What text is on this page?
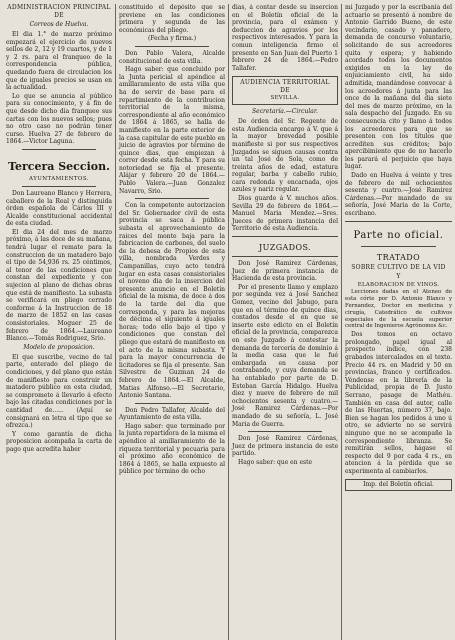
ADMINISTRACION PRINCIPAL DE

Correos de Huelva.

El dia 1.° de marzo próximo empezará el ejercicio de nuevos sellos de 2, 12 y 19 cuartos, y de 1 y 2 rs. para el franqueo de la correspondencia pública, quedando fuera de circulacion los que de iguales precios se usan en la actualidad.

Lo que se anuncia al público para su conocimiento, y á fin de que desde dicho dia franquee sus cartas con los nuevos sellos; pues no otro caso no podrán tener curso. Huelva 27 de febrero de 1864.—Victor Laguna.

Tercera Seccion.

AYUNTAMIENTOS.

Don Laureano Blanco y Herrera, caballero de la Real y distinguida órden española de Cárlos III y Alcalde constitucional accidental de esta ciudad.

El dia 24 del mes de marzo próximo, á las doce de su mañana, tendrá lugar el remate para la construccion de un matadero bajo el tipo de 54,936 rs. 25 céntimos, al tenor de las condiciones que constan del expediente y con sujecion al plano de dichas obras que está de manifiesto. La subasta se verificará en pliego cerrado conforme á la Instruccion de 18 de marzo de 1852 en las casas consistoriales. Moguer 25 de febrero de 1864.—Laureano Blanco.—Tomás Rodriguez, Srio.

Modelo de proposicion.

El que suscribe, vecino de tal parte, enterado del pliego de condiciones, y del plano que están de manifiesto para construir un matadero público en esta ciudad, se compromete á llevarlo á efecto bajo las citadas condiciones por la cantidad de...... (Aquí se consignará en letra el tipo que se ofrezca.)

Y como garantía de dicha proposicion acompaña la carta de pago que acredita haber

constituido el depósito que se previene en las condiciones primera y segunda de las económicas del pliego.

(Fecha y firma.)

Don Pablo Valera, Alcalde constitucional de esta villa.

Hago saber: que concluido por la Junta pericial el apéndice al amillaramiento de esta villa que ha de servir de base para el repartimiento de la contribucion territorial de la misma, correspondiente al año económico de 1864 á 1865, se halla de manifiesto en la parte exterior de la casa capitular de este pueblo en juicio de agravios por término de quince dias, que empiezan á correr desde esta fecha. Y para su notoriedad se fija el presente. Alájar y febrero 20 de 1864.—Pablo Valera.—Juan Gonzalez Navarro, Srio.

Con la competente autorizacion del Sr. Gobernador civil de esta provincia se saca á pública subasta el aprovechamiento de raices del monte baja para la fabricacion de carbones, del suelo de la dehesa de Propios de esta villa, nombrada Verdes y Campanillas, cuyo acto tendrá lugar en esta casas consistoriales el noveno dia de la insercion del presente anuncio en el Boletín oficial de la misma, de doce á dos de la tarde del dia que corresponda, y para las mejoras de décima el siguiente á iguales horas; todo ello bajo el tipo y condiciones que constan del pliego que estará de manifiesto en el acto de la misma subasta. Y para la mayor concurrencia de licitadores se fija el presente. San Silvestre de Guzman 24 de febrero de 1864.—El Alcalde, Matias Alfonso.—El Secretario, Antonio Santana.

Don Pedro Tallafer, Alcalde del Ayuntamiento de esta villa.

Hago saber: que terminado por la junta repartidora de la misma el apéndice al amillaramiento de la riqueza territorial y pecuaria para el próximo año económico de 1864 á 1865, se halla expuesto al público por término de ocho

dias, á contar desde su insercion en el Boletín oficial de la provincia, para el exámen y deduccion de agravios por los respectivos interesados. Y para la comun inteligencia firmo el presente en San Juan del Puerto 1 febrero 24 de 1864.—Pedro Tallafer.

AUDIENCIA TERRITORIAL DE

SEVILLA.

Secretaría.—Circular.

De órden del Sr. Regente de esta Audiencia encargo á V. que á la mayor brevedad posible manifieste si por sus respectivos Juzgados se siguen causas contra un tal José de Sola, como de treinta años de edad, estatura regular, barba y cabello rubio, cara redonda y encarnada, ojos azules y nariz regular.

Dios guarde á V. muchos años. Sevilla 29 de febrero de 1864.—Manuel Maria Mendez.—Sres. Jueces de primera instancia del Territorio de esta Audiencia.

JUZGADOS.

Don José Ramirez Cárdenas, Juez de primera instancia de Hacienda de esta provincia.

Por el presente llamo y emplazo por segunda vez á José Sanchez Gomez, vecino del Jabugo, para que en el término de quince dias, contados desde el en que se inserte este edicto en el Boletín oficial de la provincia, comparezca en este Juzgado á contestar la demanda de tercería de dominio á la media casa que le fué embargada en causa por contrabando, y cuya demanda se ha entablado por parte de D. Esteban García Hidalgo. Huelva diez y nueve de febrero de mil ochocientos sesenta y cuatro.—José Ramirez Cárdenas.—Por mandado de su señoría, L. José Maria de Guerra.

Don José Ramirez Cárdenas, Juez de primera instancia de este partido.

Hago saber: que en este

mi Juzgado y por la escribanía del actuario se presentó á nombre de Antonio Garrido Bueno, de este vecindario, casado y panadero, demanda de concurso voluntario, solicitando de sus acreedores quita y espera; y habiendo acordado todos los documentos exigidos en la ley de enjuiciamiento civil, ha sido admitida, mandándose convocar á los acreedores á junta para las once de la mañana del dia siete del mes de marzo próximo, en la sala despacho del Juzgado. En su consecuencia cito y llamo á todos los acreedores para que se presenten con los títulos que acrediten sus créditos; bajo apercibimiento que de no hacerlo les parará el perjuicio que haya lugar.

Dado en Huelva á veinte y tres de febrero de mil ochocientos sesenta y cuatro.—José Ramirez Cárdenas.—Por mandado de su señoría, José Maria de la Corte, escribano.

Parte no oficial.

TRATADO

SOBRE CULTIVO DE LA VID

Y

ELABORACION DE VINOS.

Lecciones dadas en el Ateneo de esta córte por D. Antonio Blanco y Fernandez, Doctor en medicina y cirugía, Catedrático de cultivos especiales de la escuela superior central de Ingenieros Agrónomos &c.

Dos tomos en octavo prolongado, papel igual al prospecto índice, con 238 grabados intercalados en el texto. Precio 44 rs. en Madrid y 50 en provincias, franco y certificados. Véndense en la librería de la Publicidad, propia de D. Justo Serrano, pasage de Mathéu. También en casa del autor, calle de las Huertas, número 37, bajo. Bien se hagan los pedidos á uno ú otro, se advierte no se servirá ninguno que no se acompañe la correspondiente libranza. Se remitirán sellos, hágase el respecto del 9 por cada 4 rs., en atencion á la pérdida que se experimenta al cambiarlos.

Imp. del Boletín oficial.
